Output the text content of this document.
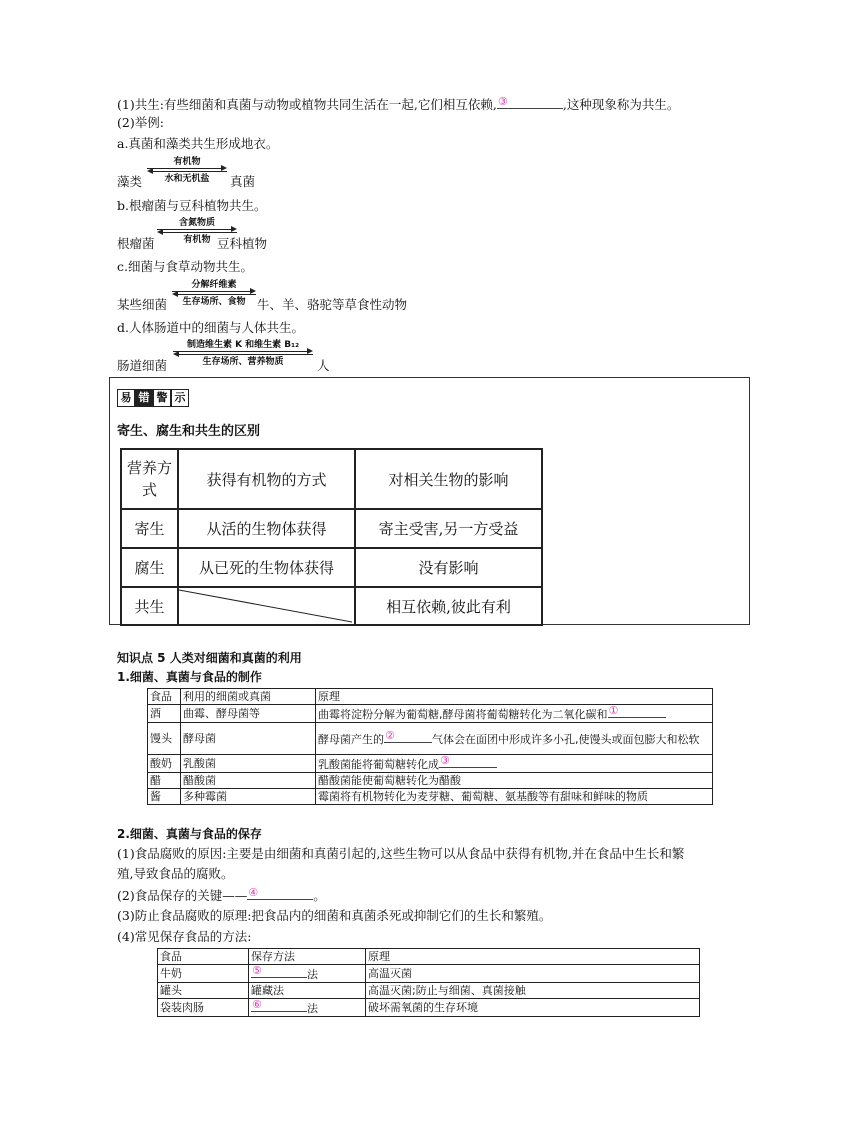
(1)共生:有些细菌和真菌与动物或植物共同生活在一起,它们相互依赖, ③	,这种现象称为共生。
(2)举例:
a.真菌和藻类共生形成地衣。
藻类
有机物
水和无机盐	真菌
b.根瘤菌与豆科植物共生。
根瘤菌
含氮物质
有机物 豆科植物
c.细菌与食草动物共生。
某些细菌
分解纤维素
生存场所、食物 牛、羊、骆驼等草食性动物
d.人体肠道中的细菌与人体共生。
肠道细菌
制造维生素 K 和维生素 B₁₂
生存场所、营养物质	人
易 错 警 示
寄生、腐生和共生的区别
营养方式	获得有机物的方式	对相关生物的影响
寄生	从活的生物体获得	寄主受害,另一方受益
腐生	从已死的生物体获得	没有影响
共生		相互依赖,彼此有利
知识点 5 人类对细菌和真菌的利用
1.细菌、真菌与食品的制作
食品	利用的细菌或真菌	原理
酒	曲霉、酵母菌等	曲霉将淀粉分解为葡萄糖,酵母菌将葡萄糖转化为二氧化碳和 ①

馒头	酵母菌	酵母菌产生的 ② 气体会在面团中形成许多小孔,使馒头或面包膨大和松软
酸奶	乳酸菌	乳酸菌能将葡萄糖转化成 ③

醋	醋酸菌	醋酸菌能使葡萄糖转化为醋酸
酱	多种霉菌	霉菌将有机物转化为麦芽糖、葡萄糖、氨基酸等有甜味和鲜味的物质
2.细菌、真菌与食品的保存
(1)食品腐败的原因:主要是由细菌和真菌引起的,这些生物可以从食品中获得有机物,并在食品中生长和繁
殖,导致食品的腐败。
(2)食品保存的关键—— ④	。
(3)防止食品腐败的原理:把食品内的细菌和真菌杀死或抑制它们的生长和繁殖。
(4)常见保存食品的方法:
食品	保存方法	原理
牛奶	⑤ 法	高温灭菌
罐头	罐藏法	高温灭菌;防止与细菌、真菌接触
袋装肉肠	⑥ 法	破坏需氧菌的生存环境
